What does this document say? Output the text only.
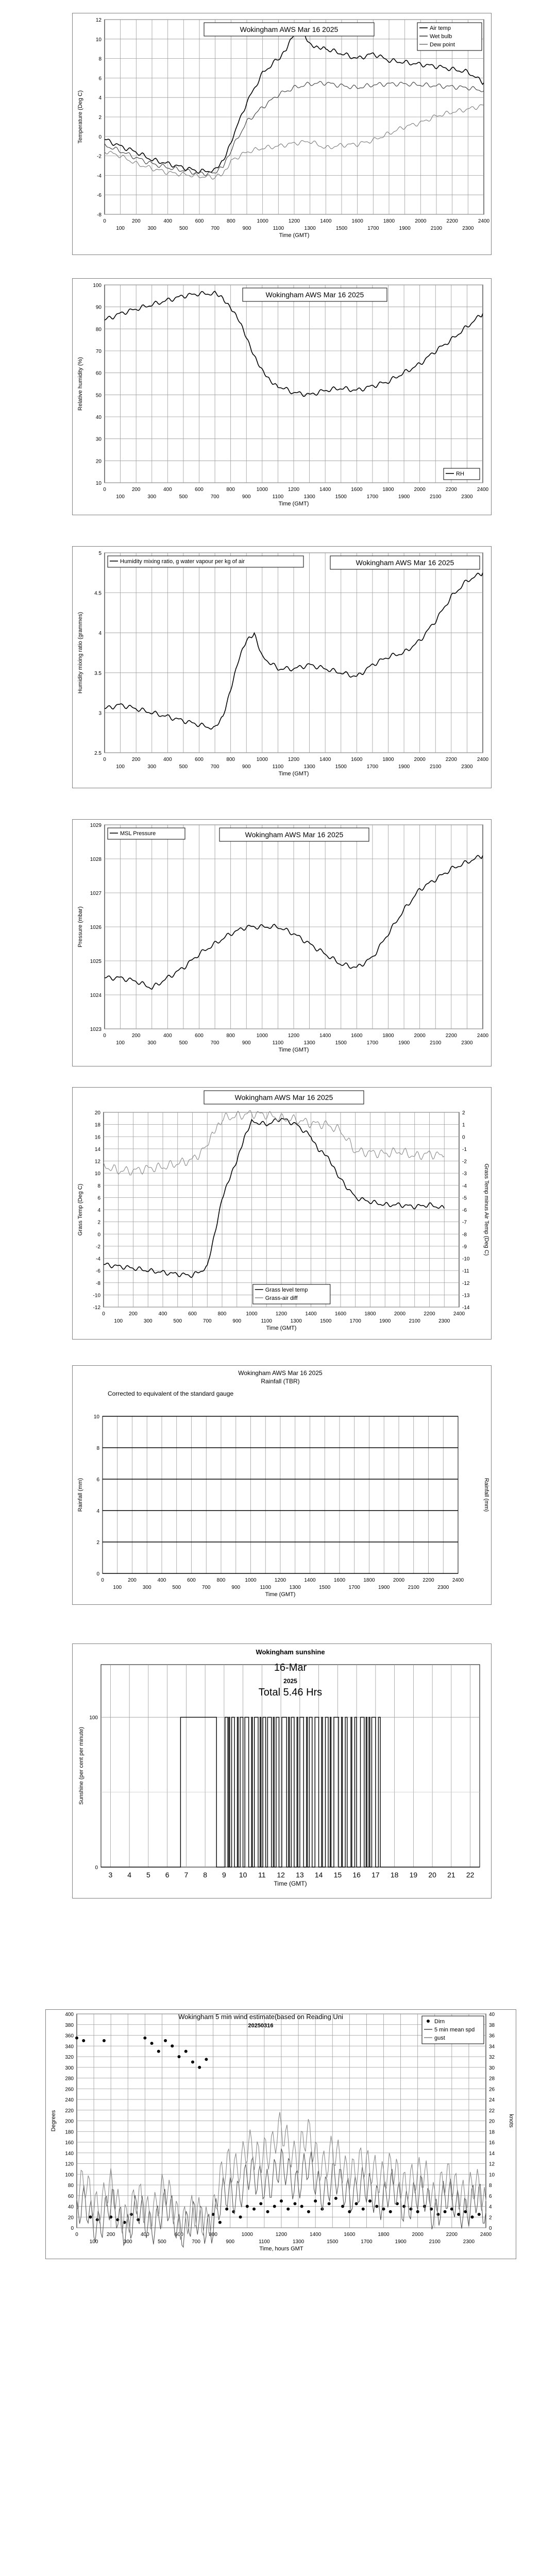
-8
-6
-4
-2
0
2
4
6
8
10
12
0	200	400	600	800	1000	1200	1400	1600	1800	2000	2200	2400
100	300	500	700	900	1100	1300	1500	1700	1900	2100	2300
Time (GMT)
Temperature (Deg C)
Wokingham AWS Mar 16 2025	Air temp
Wet bulb
Dew point
10
20
30
40
50
60
70
80
90
100
0	200	400	600	800	1000	1200	1400	1600	1800	2000	2200	2400
100	300	500	700	900	1100	1300	1500	1700	1900	2100	2300
Time (GMT)
Relative humidity (%)
Wokingham AWS Mar 16 2025
RH
2.5
3
3.5
4
4.5
5
0	200	400	600	800	1000	1200	1400	1600	1800	2000	2200	2400
100	300	500	700	900	1100	1300	1500	1700	1900	2100	2300
Time (GMT)
Humidity mixing ratio (grammes)
Wokingham AWS Mar 16 2025
Humidity mixing ratio, g water vapour per kg of air
1023
1024
1025
1026
1027
1028
1029
0	200	400	600	800	1000	1200	1400	1600	1800	2000	2200	2400
100	300	500	700	900	1100	1300	1500	1700	1900	2100	2300
Time (GMT)
Pressure (mbar)
Wokingham AWS Mar 16 2025
MSL Pressure
-12
-10
-8
-6
-4
-2
0
2
4
6
8
10
12
14
16
18
20
-14
-13
-12
-11
-10
-9
-8
-7
-6
-5
-4
-3
-2
-1
0
1
2
0	200	400	600	800	1000	1200	1400	1600	1800	2000	2200	2400
100	300	500	700	900	1100	1300	1500	1700	1900	2100	2300
Time (GMT)
Grass Temp (Deg C)	Grass Temp minus Air Temp (Deg C)
Wokingham AWS Mar 16 2025
Grass level temp
Grass-air diff
0
2
4
6
8
10
0	200	400	600	800	1000	1200	1400	1600	1800	2000	2200	2400
100	300	500	700	900	1100	1300	1500	1700	1900	2100	2300
Time (GMT)
Rainfall (mm)	Rainfall (mm)
Wokingham AWS Mar 16 2025
Rainfall (TBR)
Corrected to equivalent of the standard gauge
3 4 5 6 7 8 9 10 11 12 13 14 15 16 17 18 19 20 21 22
100
0
Sunshine (per cent per minute)
Time (GMT)
Wokingham sunshine
16-Mar
2025
Total 5.46 Hrs
0
20
40
60
80
100
120
140
160
180
200
220
240
260
280
300
320
340
360
380
400
0
2
4
6
8
10
12
14
16
18
20
22
24
26
28
30
32
34
36
38
40
0	200	400	600	800	1000	1200	1400	1600	1800	2000	2200	2400
100	300	500	700	900	1100	1300	1500	1700	1900	2100	2300
Time, hours GMT
Degrees	knots
Wokingham 5 min wind estimate(based on Reading Uni
20250316
Dirn
5 min mean spd
gust
